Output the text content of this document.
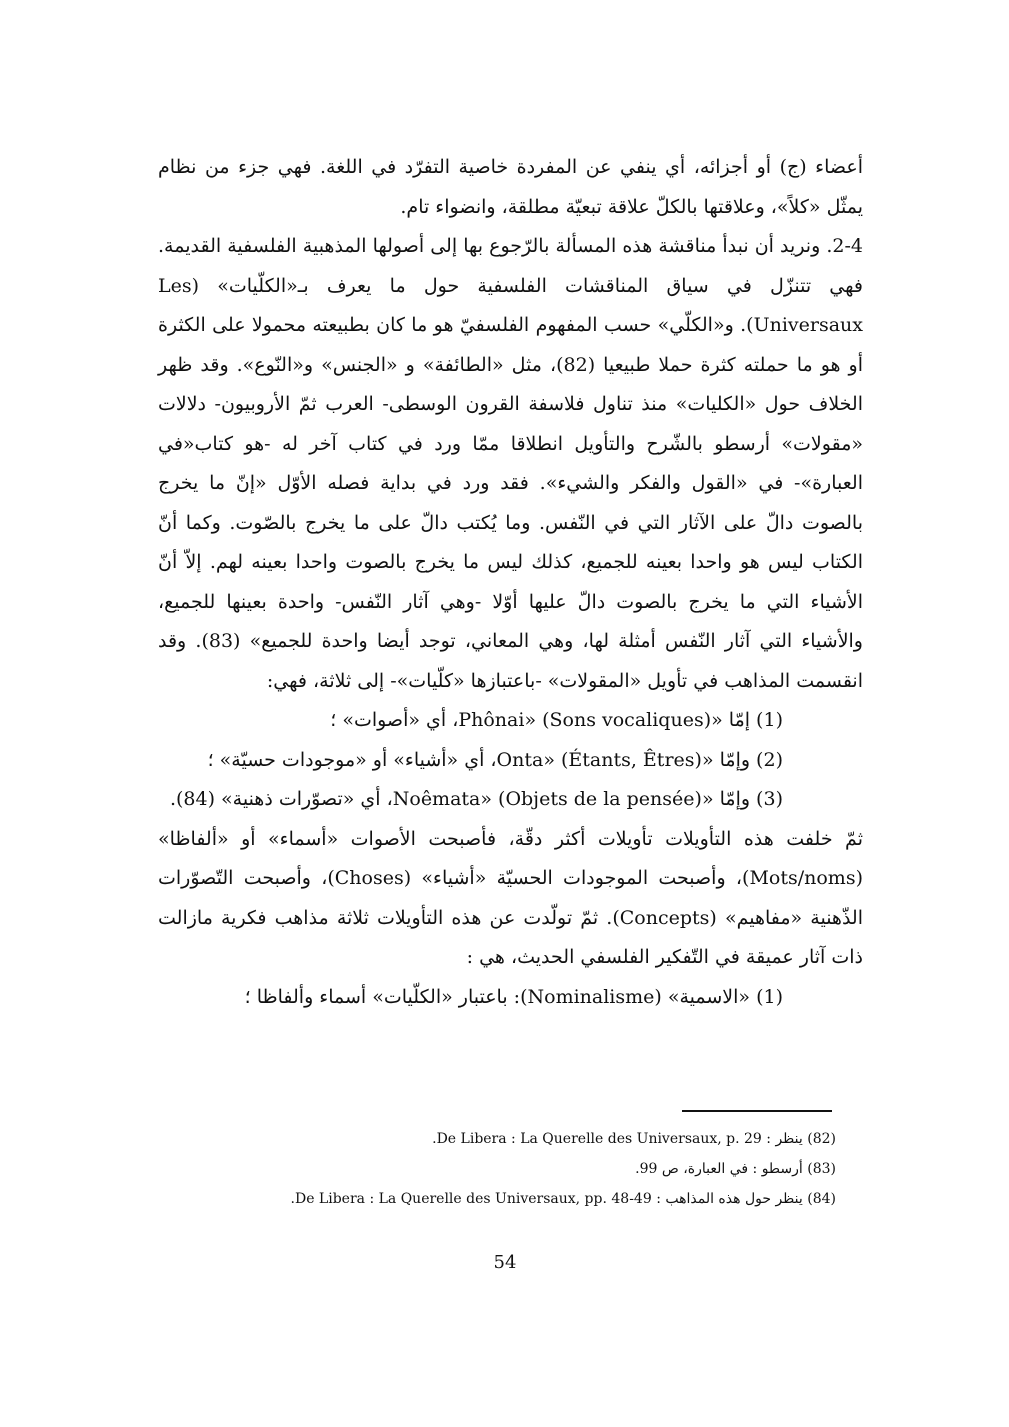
أعضاء (ج) أو أجزائه، أي ينفي عن المفردة خاصية التفرّد في اللغة. فهي جزء من نظام يمثّل «كلاً»، وعلاقتها بالكلّ علاقة تبعيّة مطلقة، وانضواء تام.

2-4. ونريد أن نبدأ مناقشة هذه المسألة بالرّجوع بها إلى أصولها المذهبية الفلسفية القديمة. فهي تتنزّل في سياق المناقشات الفلسفية حول ما يعرف بـ«الكلّيات» (Les Universaux). و«الكلّي» حسب المفهوم الفلسفيّ هو ما كان بطبيعته محمولا على الكثرة أو هو ما حملته كثرة حملا طبيعيا (82)، مثل «الطائفة» و «الجنس» و«النّوع». وقد ظهر الخلاف حول «الكليات» منذ تناول فلاسفة القرون الوسطى- العرب ثمّ الأروبيون- دلالات «مقولات» أرسطو بالشّرح والتأويل انطلاقا ممّا ورد في كتاب آخر له -هو كتاب«في العبارة»- في «القول والفكر والشيء». فقد ورد في بداية فصله الأوّل «إنّ ما يخرج بالصوت دالّ على الآثار التي في النّفس. وما يُكتب دالّ على ما يخرج بالصّوت. وكما أنّ الكتاب ليس هو واحدا بعينه للجميع، كذلك ليس ما يخرج بالصوت واحدا بعينه لهم. إلاّ أنّ الأشياء التي ما يخرج بالصوت دالّ عليها أوّلا -وهي آثار النّفس- واحدة بعينها للجميع، والأشياء التي آثار النّفس أمثلة لها، وهي المعاني، توجد أيضا واحدة للجميع» (83). وقد انقسمت المذاهب في تأويل «المقولات» -باعتبازها «كلّيات»- إلى ثلاثة، فهي:

(1) إمّا «Phônai» (Sons vocaliques)، أي «أصوات» ؛

(2) وإمّا «Onta» (Étants, Êtres)، أي «أشياء» أو «موجودات حسيّة» ؛

(3) وإمّا «Noêmata» (Objets de la pensée)، أي «تصوّرات ذهنية» (84).

ثمّ خلفت هذه التأويلات تأويلات أكثر دقّة، فأصبحت الأصوات «أسماء» أو «ألفاظا» (Mots/noms)، وأصبحت الموجودات الحسيّة «أشياء» (Choses)، وأصبحت التّصوّرات الذّهنية «مفاهيم» (Concepts). ثمّ تولّدت عن هذه التأويلات ثلاثة مذاهب فكرية مازالت ذات آثار عميقة في التّفكير الفلسفي الحديث، هي :

(1) «الاسمية» (Nominalisme): باعتبار «الكلّيات» أسماء وألفاظا ؛

(82) ينظر : De Libera : La Querelle des Universaux, p. 29.
(83) أرسطو : في العبارة، ص 99.
(84) ينظر حول هذه المذاهب : De Libera : La Querelle des Universaux, pp. 48-49.
54
